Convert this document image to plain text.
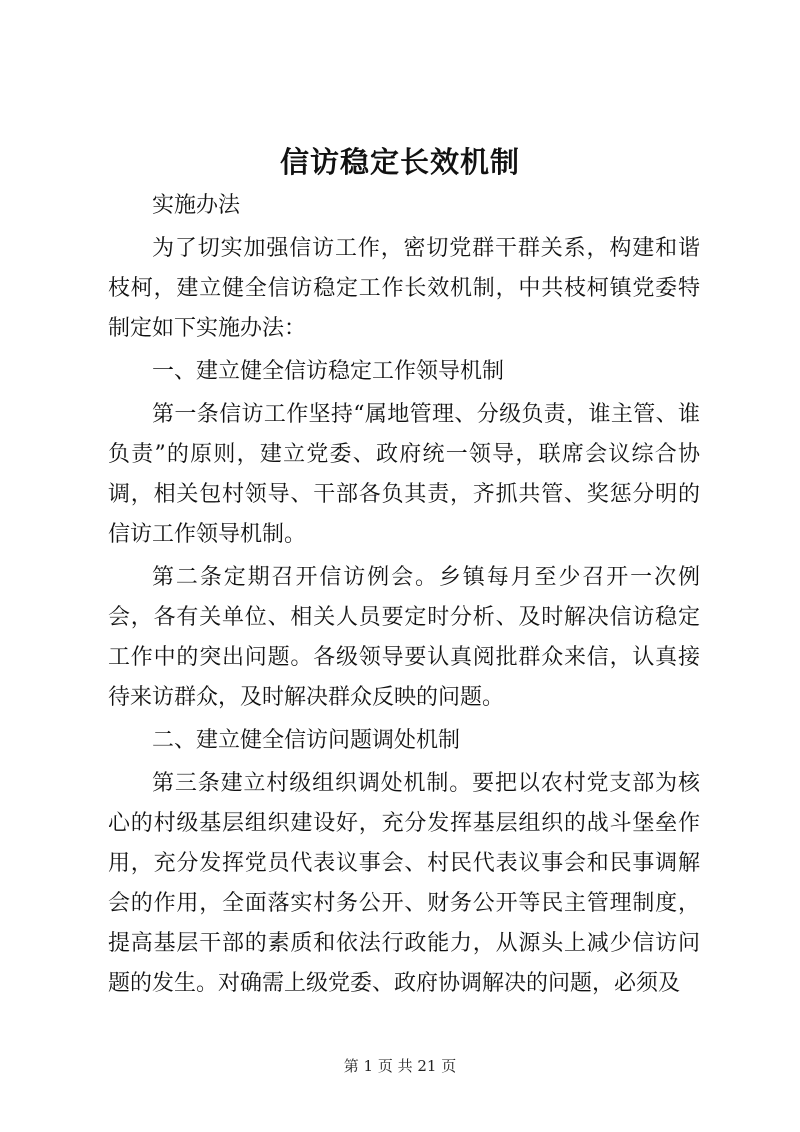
信访稳定长效机制

实施办法

为了切实加强信访工作，密切党群干群关系，构建和谐枝柯，建立健全信访稳定工作长效机制，中共枝柯镇党委特制定如下实施办法：

一、建立健全信访稳定工作领导机制

第一条信访工作坚持“属地管理、分级负责，谁主管、谁负责”的原则，建立党委、政府统一领导，联席会议综合协调，相关包村领导、干部各负其责，齐抓共管、奖惩分明的信访工作领导机制。

第二条定期召开信访例会。乡镇每月至少召开一次例会，各有关单位、相关人员要定时分析、及时解决信访稳定工作中的突出问题。各级领导要认真阅批群众来信，认真接待来访群众，及时解决群众反映的问题。

二、建立健全信访问题调处机制

第三条建立村级组织调处机制。要把以农村党支部为核心的村级基层组织建设好，充分发挥基层组织的战斗堡垒作用，充分发挥党员代表议事会、村民代表议事会和民事调解会的作用，全面落实村务公开、财务公开等民主管理制度，提高基层干部的素质和依法行政能力，从源头上减少信访问题的发生。对确需上级党委、政府协调解决的问题，必须及

第 1 页 共 21 页
